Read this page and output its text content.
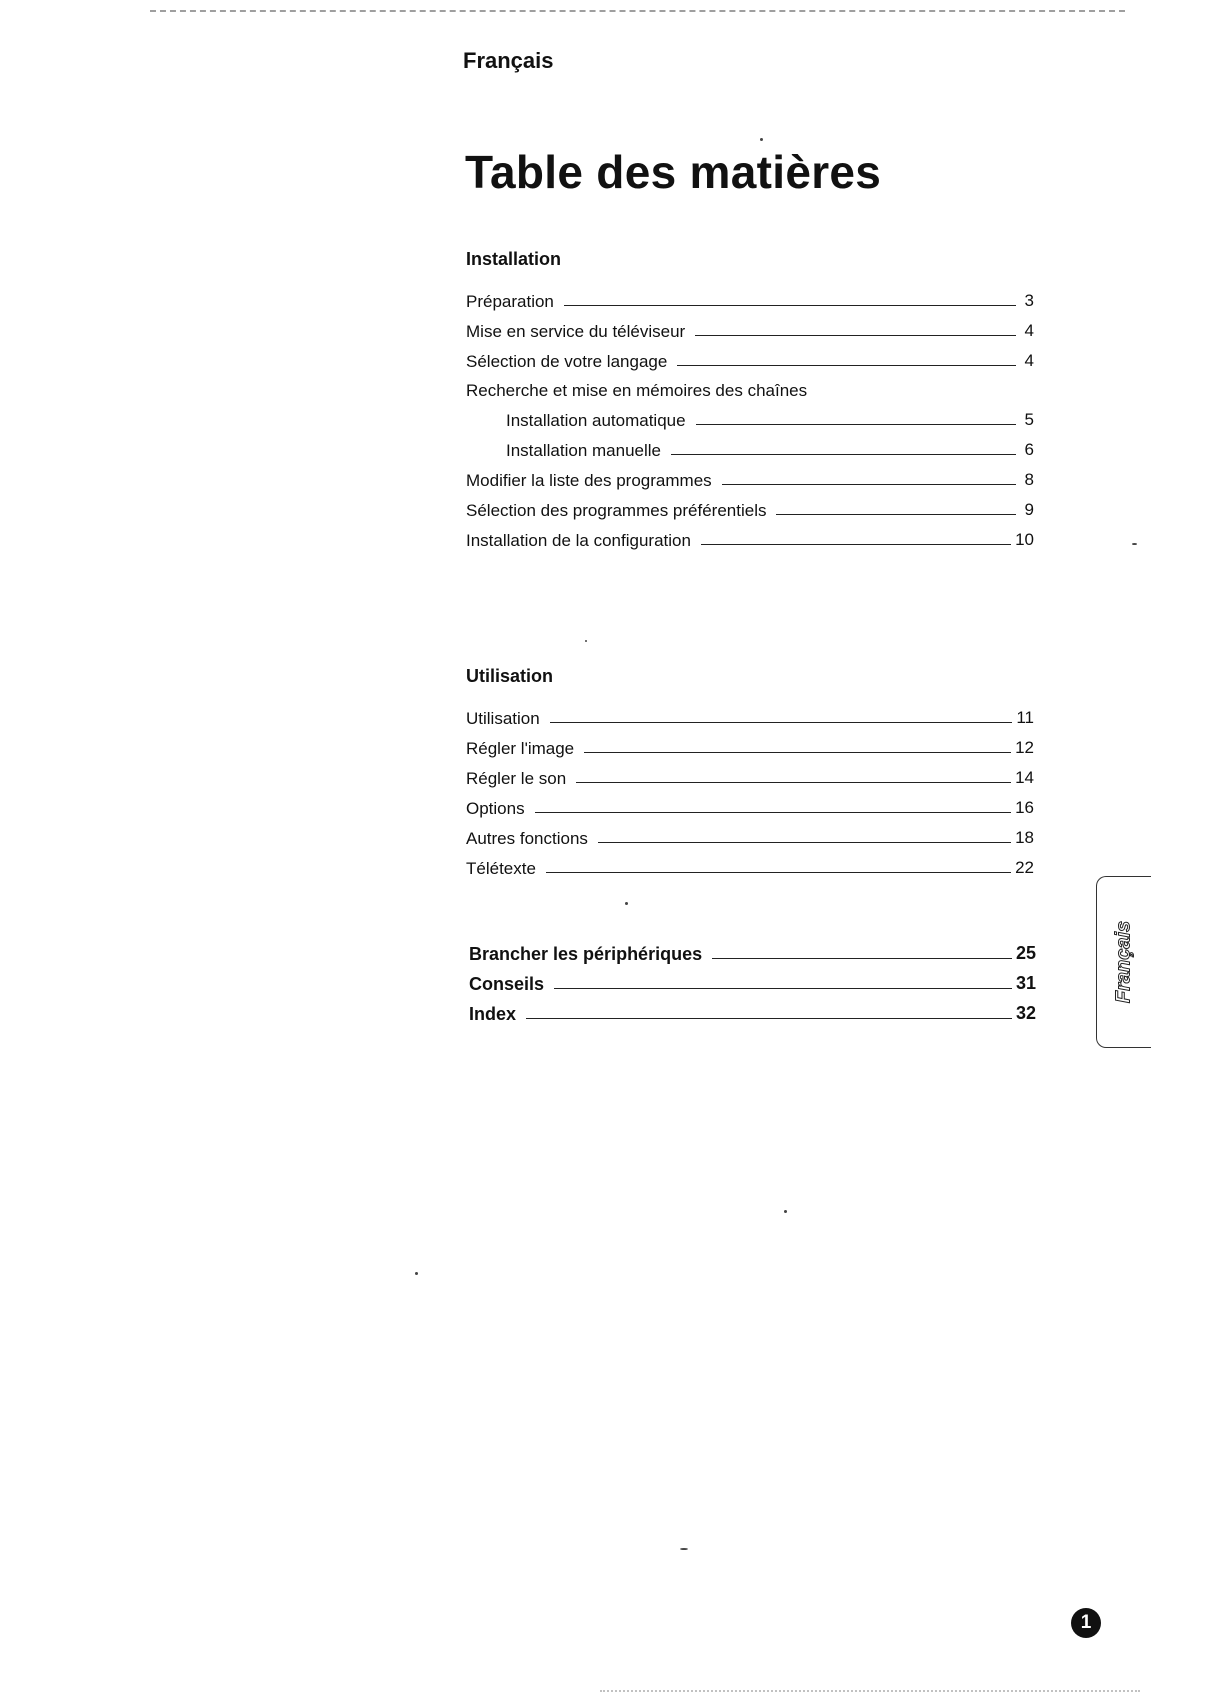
Français
Table des matières
Installation
Préparation	3
Mise en service du téléviseur	4
Sélection de votre langage	4
Recherche et mise en mémoires des chaînes
Installation automatique	5
Installation manuelle	6
Modifier la liste des programmes	8
Sélection des programmes préférentiels	9
Installation de la configuration	10
Utilisation
Utilisation	11
Régler l'image	12
Régler le son	14
Options	16
Autres fonctions	18
Télétexte	22
Brancher les périphériques	25
Conseils	31
Index	32
Français
1
